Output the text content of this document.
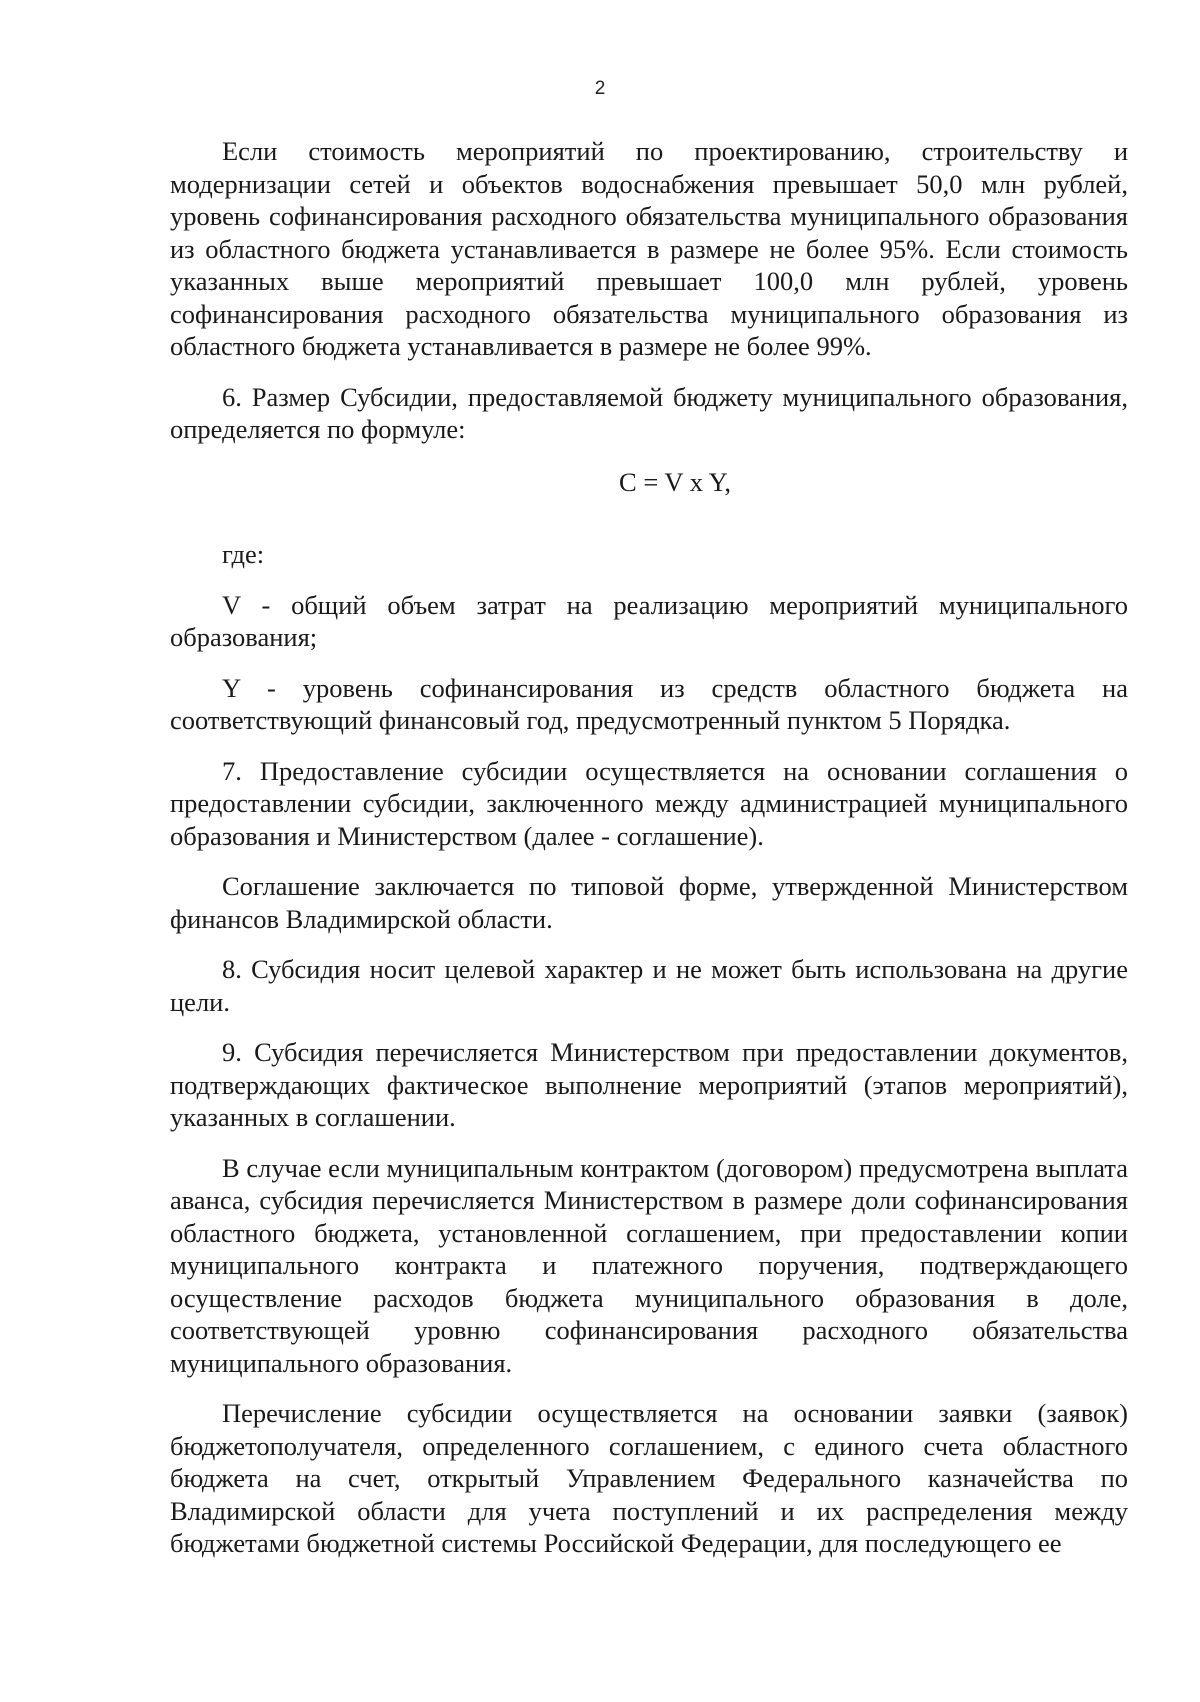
2

Если стоимость мероприятий по проектированию, строительству и модернизации сетей и объектов водоснабжения превышает 50,0 млн рублей, уровень софинансирования расходного обязательства муниципального образования из областного бюджета устанавливается в размере не более 95%. Если стоимость указанных выше мероприятий превышает 100,0 млн рублей, уровень софинансирования расходного обязательства муниципального образования из областного бюджета устанавливается в размере не более 99%.

6. Размер Субсидии, предоставляемой бюджету муниципального образования, определяется по формуле:

C = V x Y,

где:

V - общий объем затрат на реализацию мероприятий муниципального образования;

Y - уровень софинансирования из средств областного бюджета на соответствующий финансовый год, предусмотренный пунктом 5 Порядка.

7. Предоставление субсидии осуществляется на основании соглашения о предоставлении субсидии, заключенного между администрацией муниципального образования и Министерством (далее - соглашение).

Соглашение заключается по типовой форме, утвержденной Министерством финансов Владимирской области.

8. Субсидия носит целевой характер и не может быть использована на другие цели.

9. Субсидия перечисляется Министерством при предоставлении документов, подтверждающих фактическое выполнение мероприятий (этапов мероприятий), указанных в соглашении.

В случае если муниципальным контрактом (договором) предусмотрена выплата аванса, субсидия перечисляется Министерством в размере доли софинансирования областного бюджета, установленной соглашением, при предоставлении копии муниципального контракта и платежного поручения, подтверждающего осуществление расходов бюджета муниципального образования в доле, соответствующей уровню софинансирования расходного обязательства муниципального образования.

Перечисление субсидии осуществляется на основании заявки (заявок) бюджетополучателя, определенного соглашением, с единого счета областного бюджета на счет, открытый Управлением Федерального казначейства по Владимирской области для учета поступлений и их распределения между бюджетами бюджетной системы Российской Федерации, для последующего ее
